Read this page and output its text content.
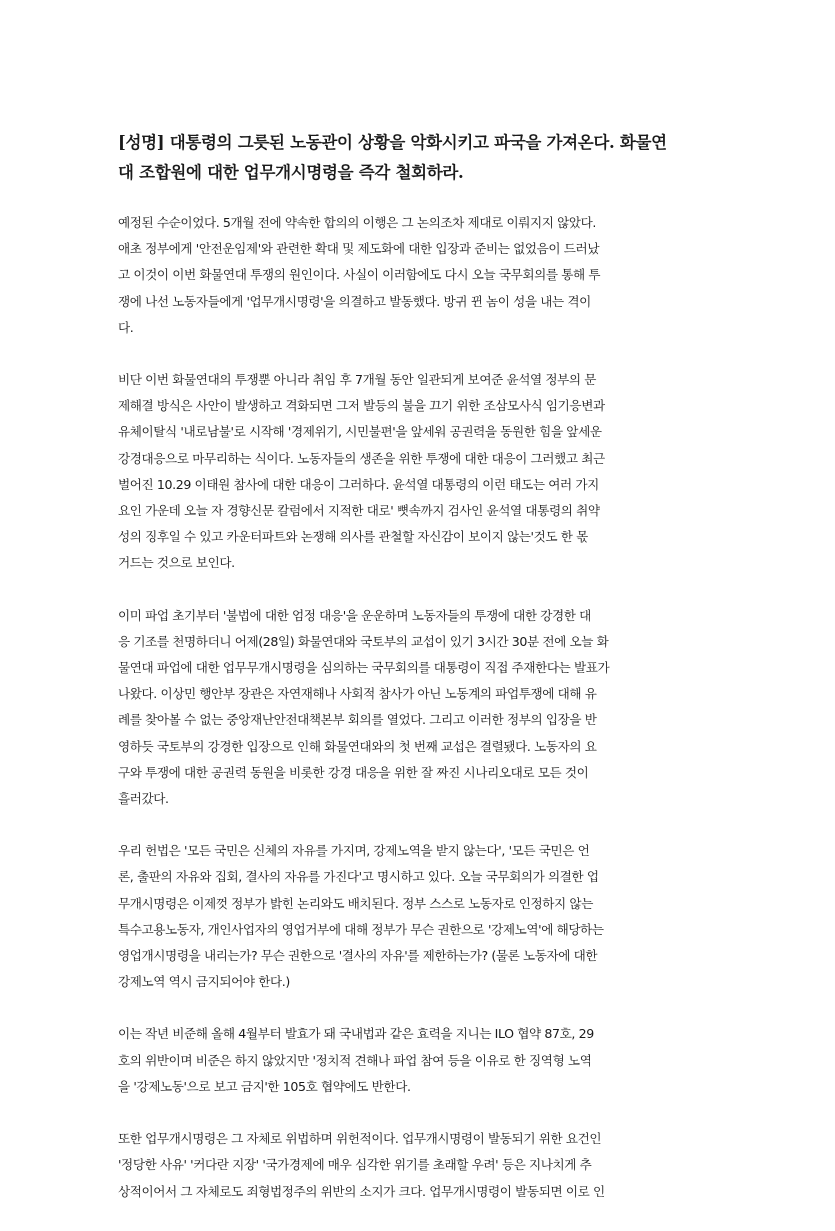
[성명] 대통령의 그릇된 노동관이 상황을 악화시키고 파국을 가져온다. 화물연
대 조합원에 대한 업무개시명령을 즉각 철회하라.
예정된 수순이었다. 5개월 전에 약속한 합의의 이행은 그 논의조차 제대로 이뤄지지 않았다.
애초 정부에게 '안전운임제'와 관련한 확대 및 제도화에 대한 입장과 준비는 없었음이 드러났
고 이것이 이번 화물연대 투쟁의 원인이다. 사실이 이러함에도 다시 오늘 국무회의를 통해 투
쟁에 나선 노동자들에게 '업무개시명령'을 의결하고 발동했다. 방귀 뀐 놈이 성을 내는 격이
다.
비단 이번 화물연대의 투쟁뿐 아니라 취임 후 7개월 동안 일관되게 보여준 윤석열 정부의 문
제해결 방식은 사안이 발생하고 격화되면 그저 발등의 불을 끄기 위한 조삼모사식 임기응변과
유체이탈식 '내로남불'로 시작해 '경제위기, 시민불편'을 앞세워 공권력을 동원한 힘을 앞세운
강경대응으로 마무리하는 식이다. 노동자들의 생존을 위한 투쟁에 대한 대응이 그러했고 최근
벌어진 10.29 이태원 참사에 대한 대응이 그러하다. 윤석열 대통령의 이런 태도는 여러 가지
요인 가운데 오늘 자 경향신문 칼럼에서 지적한 대로' 뼛속까지 검사인 윤석열 대통령의 취약
성의 징후일 수 있고 카운터파트와 논쟁해 의사를 관철할 자신감이 보이지 않는'것도 한 몫
거드는 것으로 보인다.
이미 파업 초기부터 '불법에 대한 엄정 대응'을 운운하며 노동자들의 투쟁에 대한 강경한 대
응 기조를 천명하더니 어제(28일) 화물연대와 국토부의 교섭이 있기 3시간 30분 전에 오늘 화
물연대 파업에 대한 업무무개시명령을 심의하는 국무회의를 대통령이 직접 주재한다는 발표가
나왔다. 이상민 행안부 장관은 자연재해나 사회적 참사가 아닌 노동계의 파업투쟁에 대해 유
례를 찾아볼 수 없는 중앙재난안전대책본부 회의를 열었다. 그리고 이러한 정부의 입장을 반
영하듯 국토부의 강경한 입장으로 인해 화물연대와의 첫 번째 교섭은 결렬됐다. 노동자의 요
구와 투쟁에 대한 공권력 동원을 비롯한 강경 대응을 위한 잘 짜진 시나리오대로 모든 것이
흘러갔다.
우리 헌법은 '모든 국민은 신체의 자유를 가지며, 강제노역을 받지 않는다', '모든 국민은 언
론, 출판의 자유와 집회, 결사의 자유를 가진다'고 명시하고 있다. 오늘 국무회의가 의결한 업
무개시명령은 이제껏 정부가 밝힌 논리와도 배치된다. 정부 스스로 노동자로 인정하지 않는
특수고용노동자, 개인사업자의 영업거부에 대해 정부가 무슨 권한으로 '강제노역'에 해당하는
영업개시명령을 내리는가? 무슨 권한으로 '결사의 자유'를 제한하는가? (물론 노동자에 대한
강제노역 역시 금지되어야 한다.)
이는 작년 비준해 올해 4월부터 발효가 돼 국내법과 같은 효력을 지니는 ILO 협약 87호, 29
호의 위반이며 비준은 하지 않았지만 '정치적 견해나 파업 참여 등을 이유로 한 징역형 노역
을 '강제노동'으로 보고 금지'한 105호 협약에도 반한다.
또한 업무개시명령은 그 자체로 위법하며 위헌적이다. 업무개시명령이 발동되기 위한 요건인
'정당한 사유' '커다란 지장' '국가경제에 매우 심각한 위기를 초래할 우려' 등은 지나치게 추
상적이어서 그 자체로도 죄형법정주의 위반의 소지가 크다. 업무개시명령이 발동되면 이로 인
